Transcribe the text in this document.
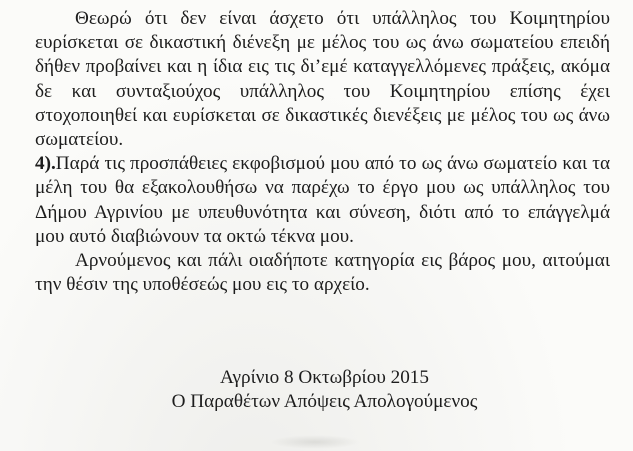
Θεωρώ ότι δεν είναι άσχετο ότι υπάλληλος του Κοιμητηρίου ευρίσκεται σε δικαστική διένεξη με μέλος του ως άνω σωματείου επειδή δήθεν προβαίνει και η ίδια εις τις δι’εμέ καταγγελλόμενες πράξεις, ακόμα δε και συνταξιούχος υπάλληλος του Κοιμητηρίου επίσης έχει στοχοποιηθεί και ευρίσκεται σε δικαστικές διενέξεις με μέλος του ως άνω σωματείου.

4).Παρά τις προσπάθειες εκφοβισμού μου από το ως άνω σωματείο και τα μέλη του θα εξακολουθήσω να παρέχω το έργο μου ως υπάλληλος του Δήμου Αγρινίου με υπευθυνότητα και σύνεση, διότι από το επάγγελμά μου αυτό διαβιώνουν τα οκτώ τέκνα μου.

Αρνούμενος και πάλι οιαδήποτε κατηγορία εις βάρος μου, αιτούμαι την θέσιν της υποθέσεώς μου εις το αρχείο.

Αγρίνιο 8 Οκτωβρίου 2015
Ο Παραθέτων Απόψεις Απολογούμενος
